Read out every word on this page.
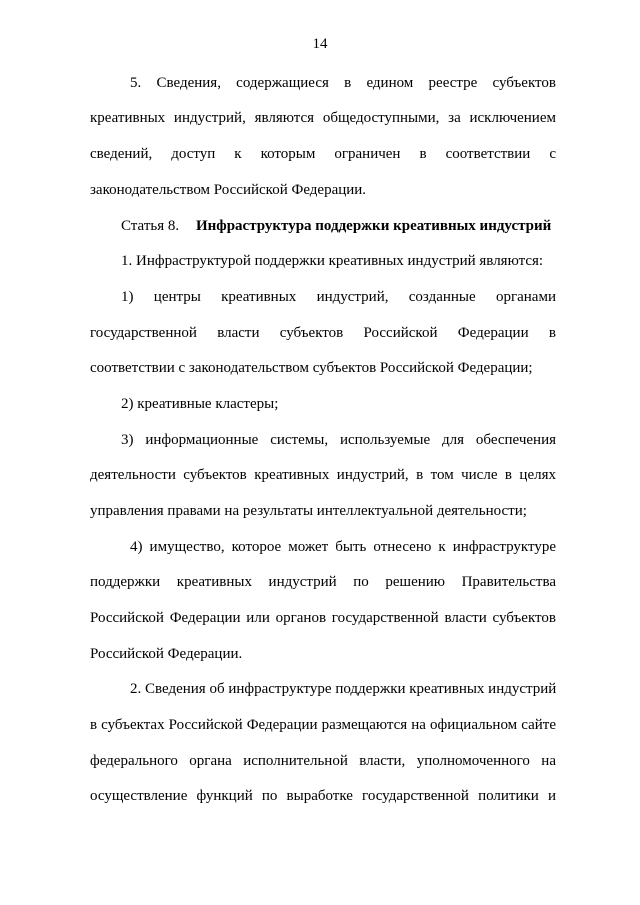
14
5. Сведения, содержащиеся в едином реестре субъектов
креативных индустрий, являются общедоступными, за исключением
сведений, доступ к которым ограничен в соответствии с
законодательством Российской Федерации.
Статья 8. Инфраструктура поддержки креативных индустрий
1. Инфраструктурой поддержки креативных индустрий являются:
1) центры креативных индустрий, созданные органами
государственной власти субъектов Российской Федерации в
соответствии с законодательством субъектов Российской Федерации;
2) креативные кластеры;
3) информационные системы, используемые для обеспечения
деятельности субъектов креативных индустрий, в том числе в целях
управления правами на результаты интеллектуальной деятельности;
4) имущество, которое может быть отнесено к инфраструктуре
поддержки креативных индустрий по решению Правительства
Российской Федерации или органов государственной власти субъектов
Российской Федерации.
2. Сведения об инфраструктуре поддержки креативных индустрий
в субъектах Российской Федерации размещаются на официальном сайте
федерального органа исполнительной власти, уполномоченного на
осуществление функций по выработке государственной политики и
